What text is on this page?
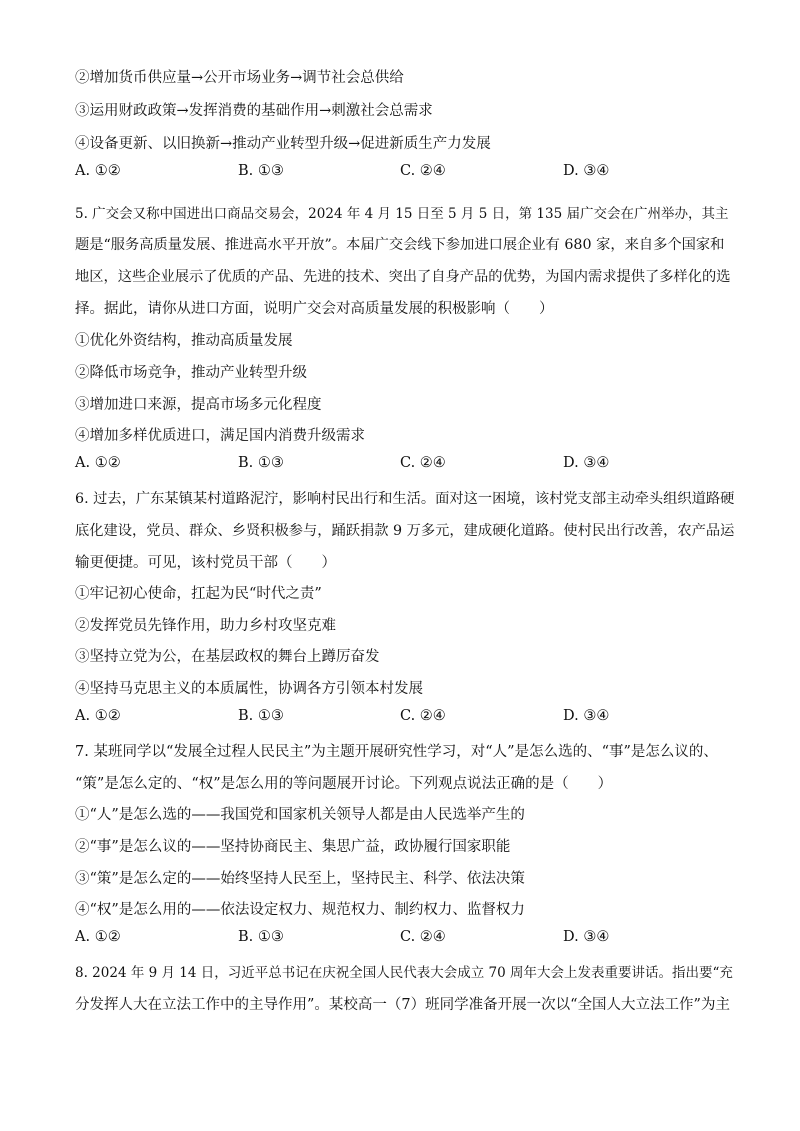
②增加货币供应量→公开市场业务→调节社会总供给
③运用财政政策→发挥消费的基础作用→刺激社会总需求
④设备更新、以旧换新→推动产业转型升级→促进新质生产力发展
A. ①②	B. ①③	C. ②④	D. ③④
5. 广交会又称中国进出口商品交易会，2024 年 4 月 15 日至 5 月 5 日，第 135 届广交会在广州举办，其主
题是“服务高质量发展、推进高水平开放”。本届广交会线下参加进口展企业有 680 家，来自多个国家和
地区，这些企业展示了优质的产品、先进的技术、突出了自身产品的优势，为国内需求提供了多样化的选
择。据此，请你从进口方面，说明广交会对高质量发展的积极影响（　　）
①优化外资结构，推动高质量发展
②降低市场竞争，推动产业转型升级
③增加进口来源，提高市场多元化程度
④增加多样优质进口，满足国内消费升级需求
A. ①②	B. ①③	C. ②④	D. ③④
6. 过去，广东某镇某村道路泥泞，影响村民出行和生活。面对这一困境，该村党支部主动牵头组织道路硬
底化建设，党员、群众、乡贤积极参与，踊跃捐款 9 万多元，建成硬化道路。使村民出行改善，农产品运
输更便捷。可见，该村党员干部（　　）
①牢记初心使命，扛起为民“时代之责”
②发挥党员先锋作用，助力乡村攻坚克难
③坚持立党为公，在基层政权的舞台上蹲厉奋发
④坚持马克思主义的本质属性，协调各方引领本村发展
A. ①②	B. ①③	C. ②④	D. ③④
7. 某班同学以“发展全过程人民民主”为主题开展研究性学习，对“人”是怎么选的、“事”是怎么议的、
“策”是怎么定的、“权”是怎么用的等问题展开讨论。下列观点说法正确的是（　　）
①“人”是怎么选的——我国党和国家机关领导人都是由人民选举产生的
②“事”是怎么议的——坚持协商民主、集思广益，政协履行国家职能
③“策”是怎么定的——始终坚持人民至上，坚持民主、科学、依法决策
④“权”是怎么用的——依法设定权力、规范权力、制约权力、监督权力
A. ①②	B. ①③	C. ②④	D. ③④
8. 2024 年 9 月 14 日，习近平总书记在庆祝全国人民代表大会成立 70 周年大会上发表重要讲话。指出要“充
分发挥人大在立法工作中的主导作用”。某校高一（7）班同学准备开展一次以“全国人大立法工作”为主
